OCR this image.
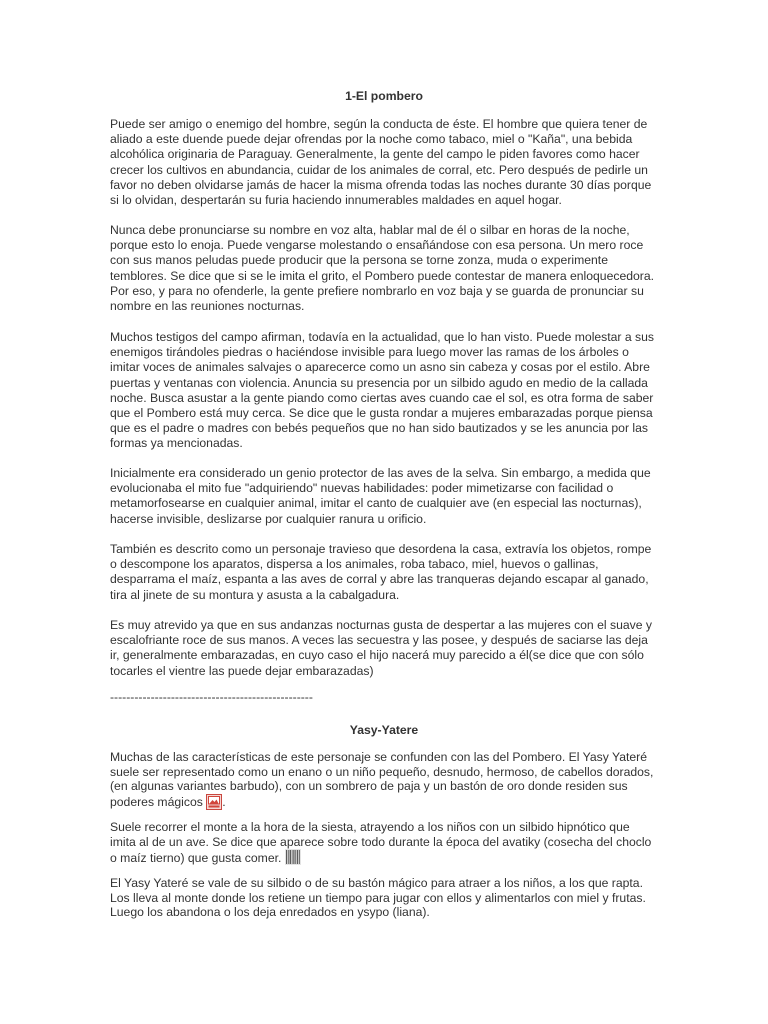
1-El pombero
Puede ser amigo o enemigo del hombre, según la conducta de éste. El hombre que quiera tener de
aliado a este duende puede dejar ofrendas por la noche como tabaco, miel o "Kaña", una bebida
alcohólica originaria de Paraguay. Generalmente, la gente del campo le piden favores como hacer
crecer los cultivos en abundancia, cuidar de los animales de corral, etc. Pero después de pedirle un
favor no deben olvidarse jamás de hacer la misma ofrenda todas las noches durante 30 días porque
si lo olvidan, despertarán su furia haciendo innumerables maldades en aquel hogar.
Nunca debe pronunciarse su nombre en voz alta, hablar mal de él o silbar en horas de la noche,
porque esto lo enoja. Puede vengarse molestando o ensañándose con esa persona. Un mero roce
con sus manos peludas puede producir que la persona se torne zonza, muda o experimente
temblores. Se dice que si se le imita el grito, el Pombero puede contestar de manera enloquecedora.
Por eso, y para no ofenderle, la gente prefiere nombrarlo en voz baja y se guarda de pronunciar su
nombre en las reuniones nocturnas.
Muchos testigos del campo afirman, todavía en la actualidad, que lo han visto. Puede molestar a sus
enemigos tirándoles piedras o haciéndose invisible para luego mover las ramas de los árboles o
imitar voces de animales salvajes o aparecerce como un asno sin cabeza y cosas por el estilo. Abre
puertas y ventanas con violencia. Anuncia su presencia por un silbido agudo en medio de la callada
noche. Busca asustar a la gente piando como ciertas aves cuando cae el sol, es otra forma de saber
que el Pombero está muy cerca. Se dice que le gusta rondar a mujeres embarazadas porque piensa
que es el padre o madres con bebés pequeños que no han sido bautizados y se les anuncia por las
formas ya mencionadas.
Inicialmente era considerado un genio protector de las aves de la selva. Sin embargo, a medida que
evolucionaba el mito fue "adquiriendo" nuevas habilidades: poder mimetizarse con facilidad o
metamorfosearse en cualquier animal, imitar el canto de cualquier ave (en especial las nocturnas),
hacerse invisible, deslizarse por cualquier ranura u orificio.
También es descrito como un personaje travieso que desordena la casa, extravía los objetos, rompe
o descompone los aparatos, dispersa a los animales, roba tabaco, miel, huevos o gallinas,
desparrama el maíz, espanta a las aves de corral y abre las tranqueras dejando escapar al ganado,
tira al jinete de su montura y asusta a la cabalgadura.
Es muy atrevido ya que en sus andanzas nocturnas gusta de despertar a las mujeres con el suave y
escalofriante roce de sus manos. A veces las secuestra y las posee, y después de saciarse las deja
ir, generalmente embarazadas, en cuyo caso el hijo nacerá muy parecido a él(se dice que con sólo
tocarles el vientre las puede dejar embarazadas)
--------------------------------------------------
Yasy-Yatere
Muchas de las características de este personaje se confunden con las del Pombero. El Yasy Yateré
suele ser representado como un enano o un niño pequeño, desnudo, hermoso, de cabellos dorados,
(en algunas variantes barbudo), con un sombrero de paja y un bastón de oro donde residen sus
poderes mágicos
.
Suele recorrer el monte a la hora de la siesta, atrayendo a los niños con un silbido hipnótico que
imita al de un ave. Se dice que aparece sobre todo durante la época del avatiky (cosecha del choclo
o maíz tierno) que gusta comer.
El Yasy Yateré se vale de su silbido o de su bastón mágico para atraer a los niños, a los que rapta.
Los lleva al monte donde los retiene un tiempo para jugar con ellos y alimentarlos con miel y frutas.
Luego los abandona o los deja enredados en ysypo (liana).
